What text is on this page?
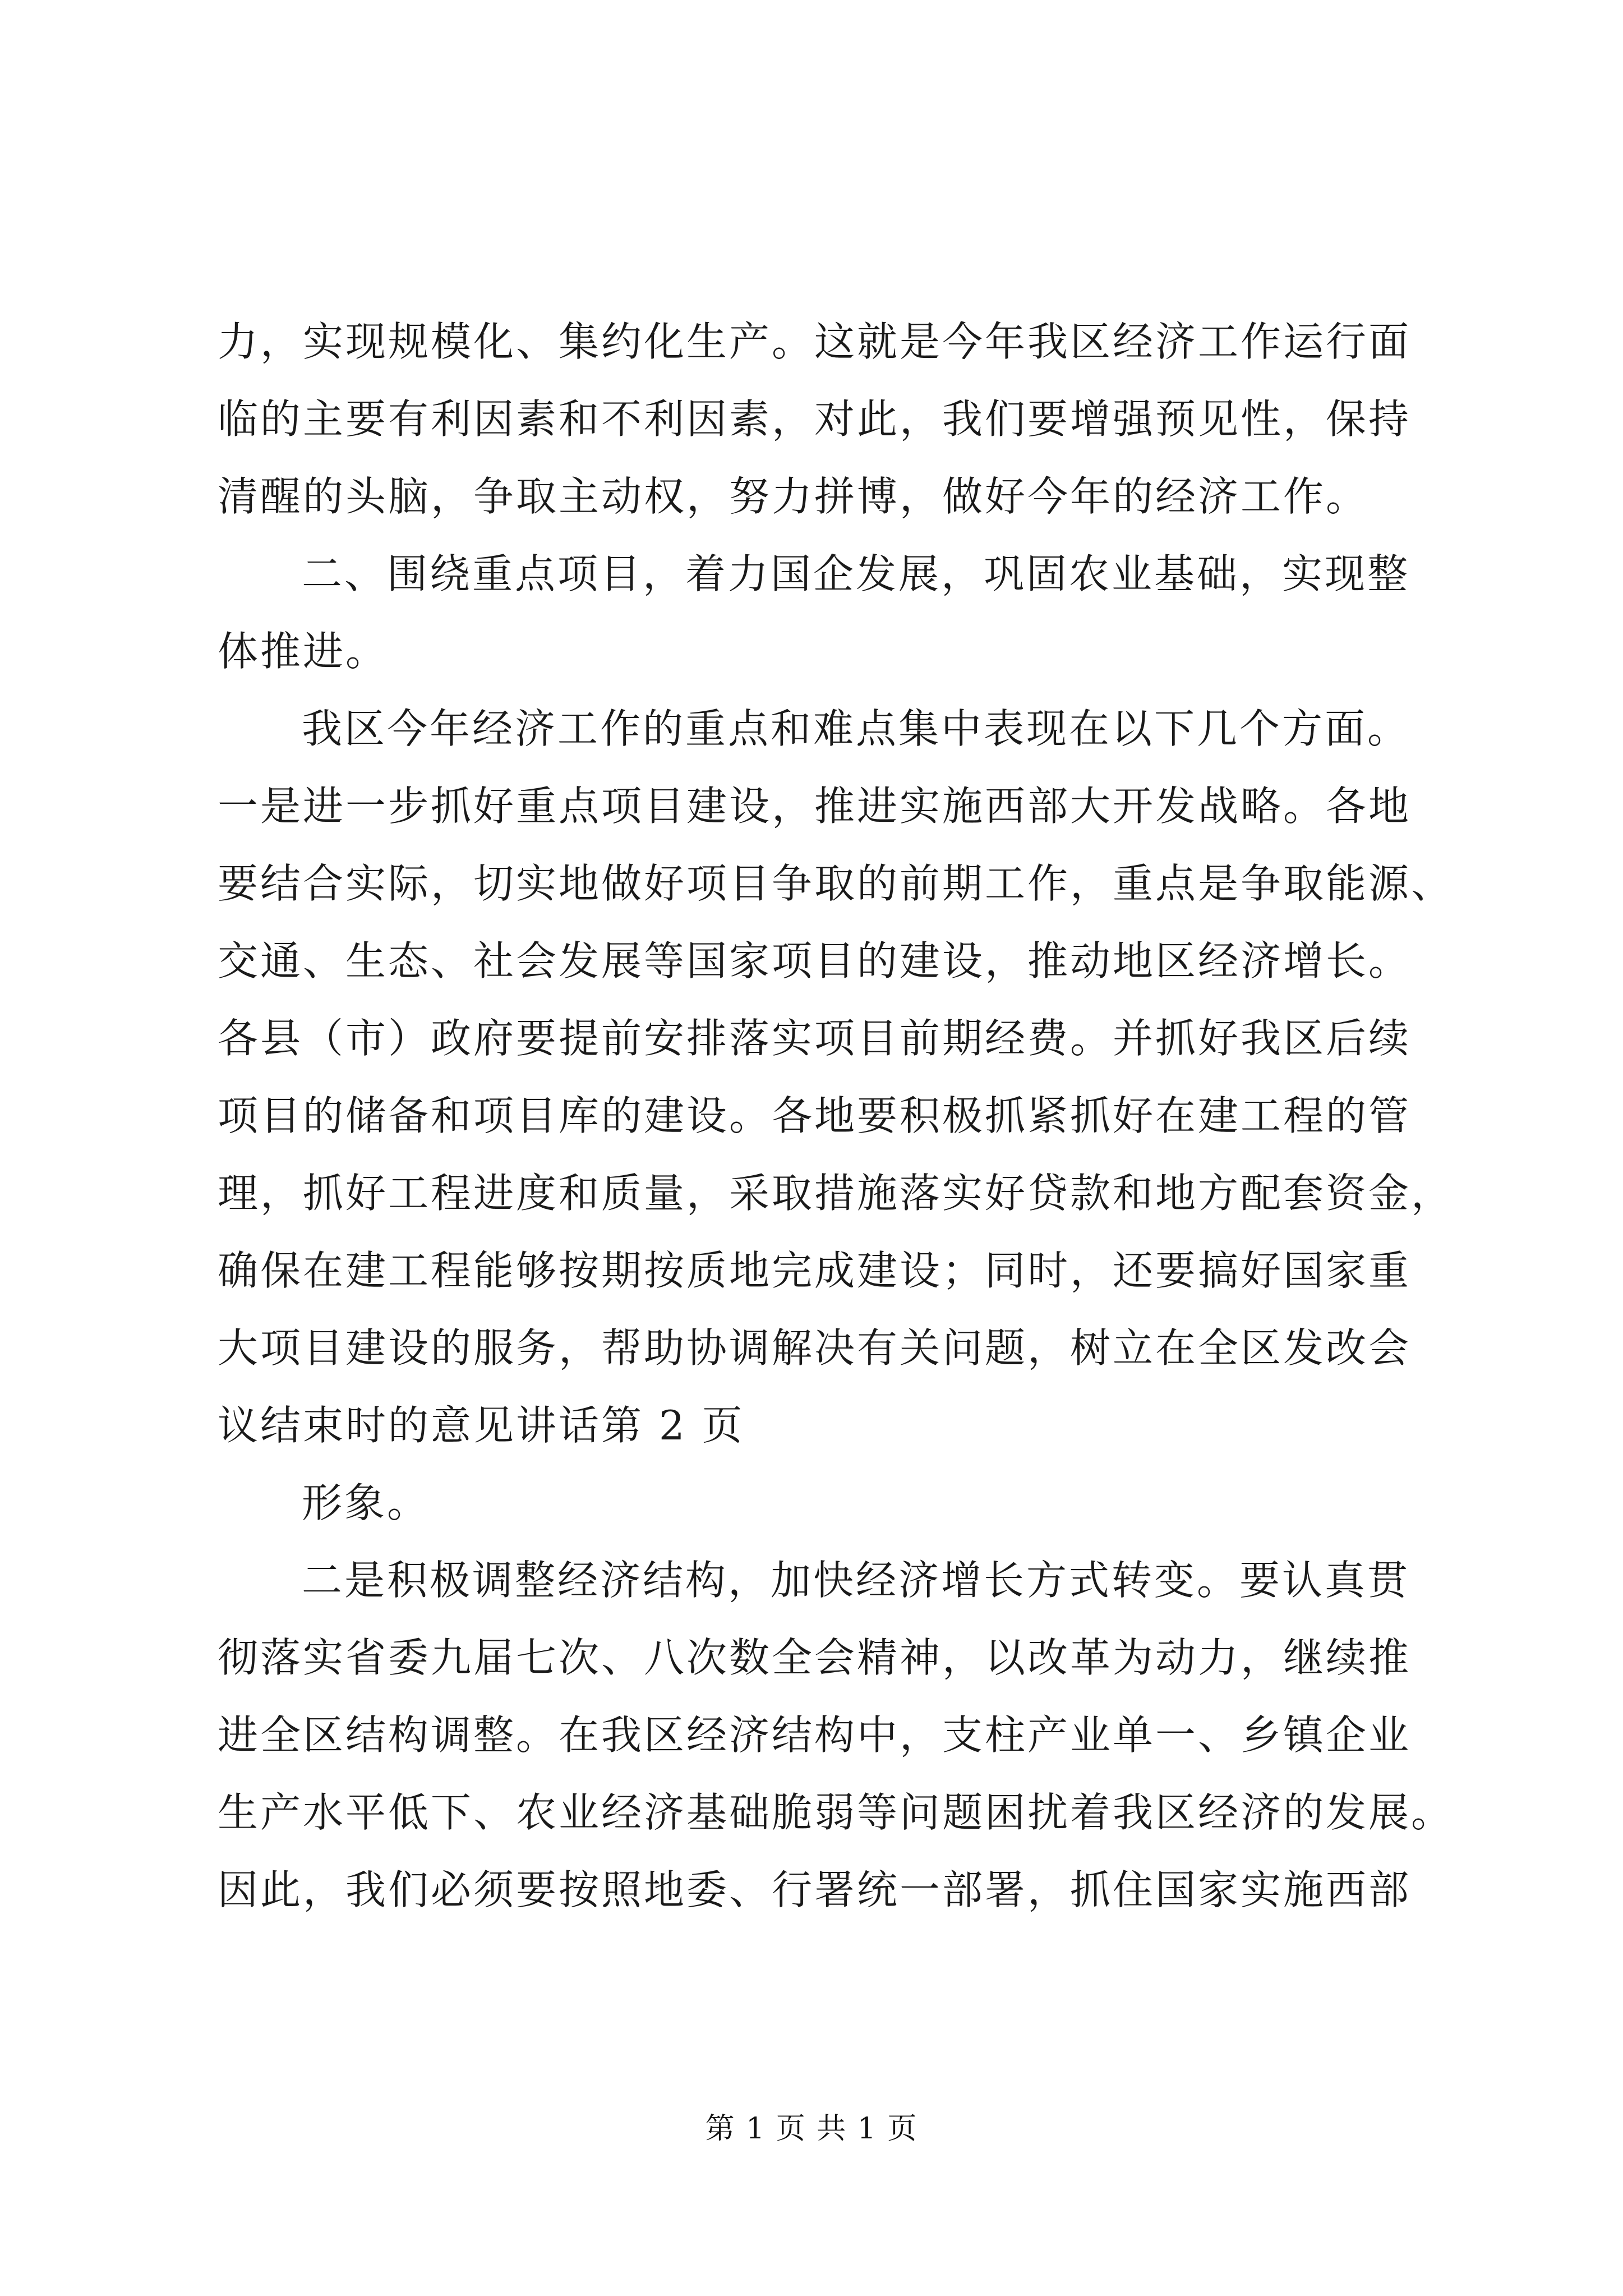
力，实现规模化、集约化生产。这就是今年我区经济工作运行面
临的主要有利因素和不利因素，对此，我们要增强预见性，保持
清醒的头脑，争取主动权，努力拼博，做好今年的经济工作。
二、围绕重点项目，着力国企发展，巩固农业基础，实现整
体推进。
我区今年经济工作的重点和难点集中表现在以下几个方面。
一是进一步抓好重点项目建设，推进实施西部大开发战略。各地
要结合实际，切实地做好项目争取的前期工作，重点是争取能源、
交通、生态、社会发展等国家项目的建设，推动地区经济增长。
各县（市）政府要提前安排落实项目前期经费。并抓好我区后续
项目的储备和项目库的建设。各地要积极抓紧抓好在建工程的管
理，抓好工程进度和质量，采取措施落实好贷款和地方配套资金，
确保在建工程能够按期按质地完成建设；同时，还要搞好国家重
大项目建设的服务，帮助协调解决有关问题，树立在全区发改会
议结束时的意见讲话第 2 页
形象。
二是积极调整经济结构，加快经济增长方式转变。要认真贯
彻落实省委九届七次、八次数全会精神，以改革为动力，继续推
进全区结构调整。在我区经济结构中，支柱产业单一、乡镇企业
生产水平低下、农业经济基础脆弱等问题困扰着我区经济的发展。
因此，我们必须要按照地委、行署统一部署，抓住国家实施西部
第 1 页 共 1 页
